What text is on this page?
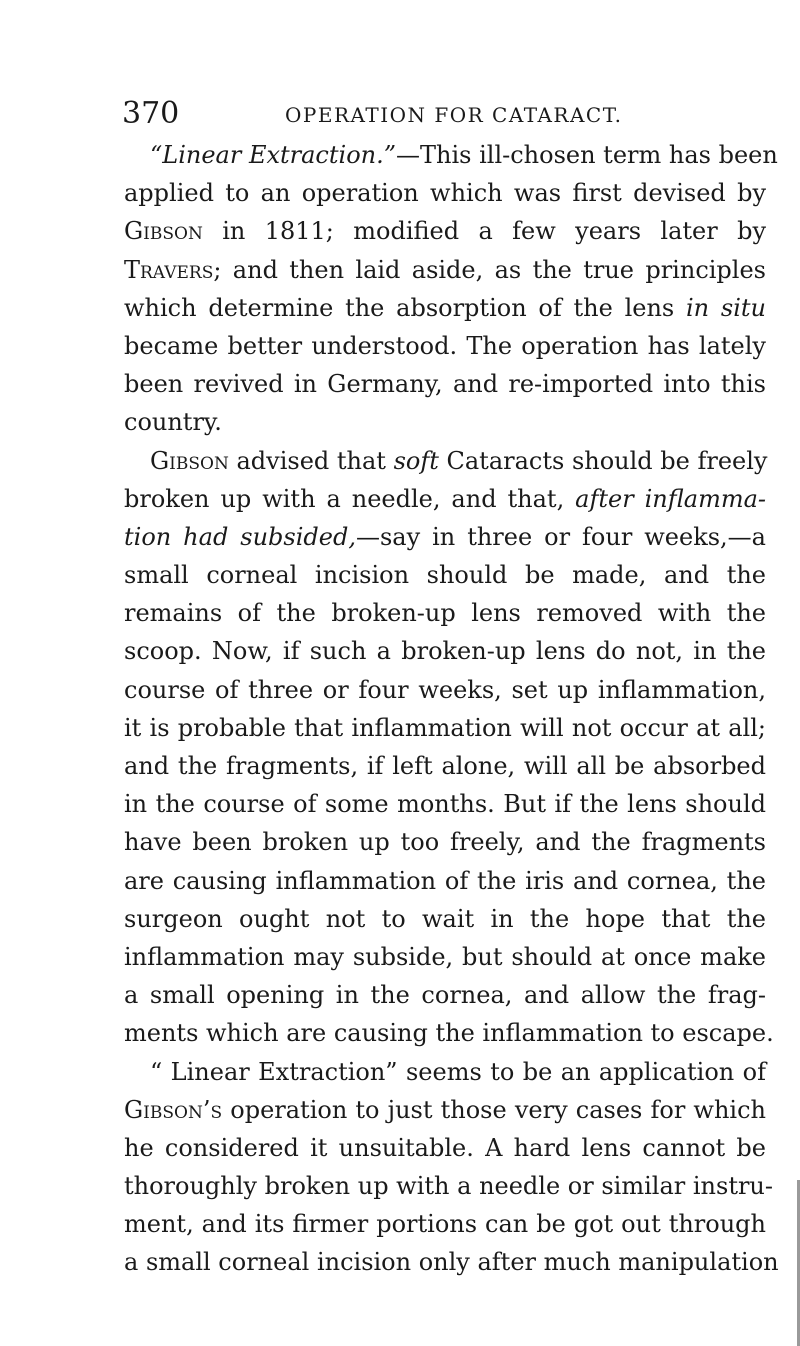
370	OPERATION FOR CATARACT.
“Linear Extraction.”—This ill-chosen term has been
applied to an operation which was first devised by
Gibson in 1811; modified a few years later by
Travers; and then laid aside, as the true principles
which determine the absorption of the lens in situ
became better understood. The operation has lately
been revived in Germany, and re-imported into this
country.
Gibson advised that soft Cataracts should be freely
broken up with a needle, and that, after inflamma-
tion had subsided,—say in three or four weeks,—a
small corneal incision should be made, and the
remains of the broken-up lens removed with the
scoop. Now, if such a broken-up lens do not, in the
course of three or four weeks, set up inflammation,
it is probable that inflammation will not occur at all;
and the fragments, if left alone, will all be absorbed
in the course of some months. But if the lens should
have been broken up too freely, and the fragments
are causing inflammation of the iris and cornea, the
surgeon ought not to wait in the hope that the
inflammation may subside, but should at once make
a small opening in the cornea, and allow the frag-
ments which are causing the inflammation to escape.
“ Linear Extraction” seems to be an application of
Gibson’s operation to just those very cases for which
he considered it unsuitable. A hard lens cannot be
thoroughly broken up with a needle or similar instru-
ment, and its firmer portions can be got out through
a small corneal incision only after much manipulation
